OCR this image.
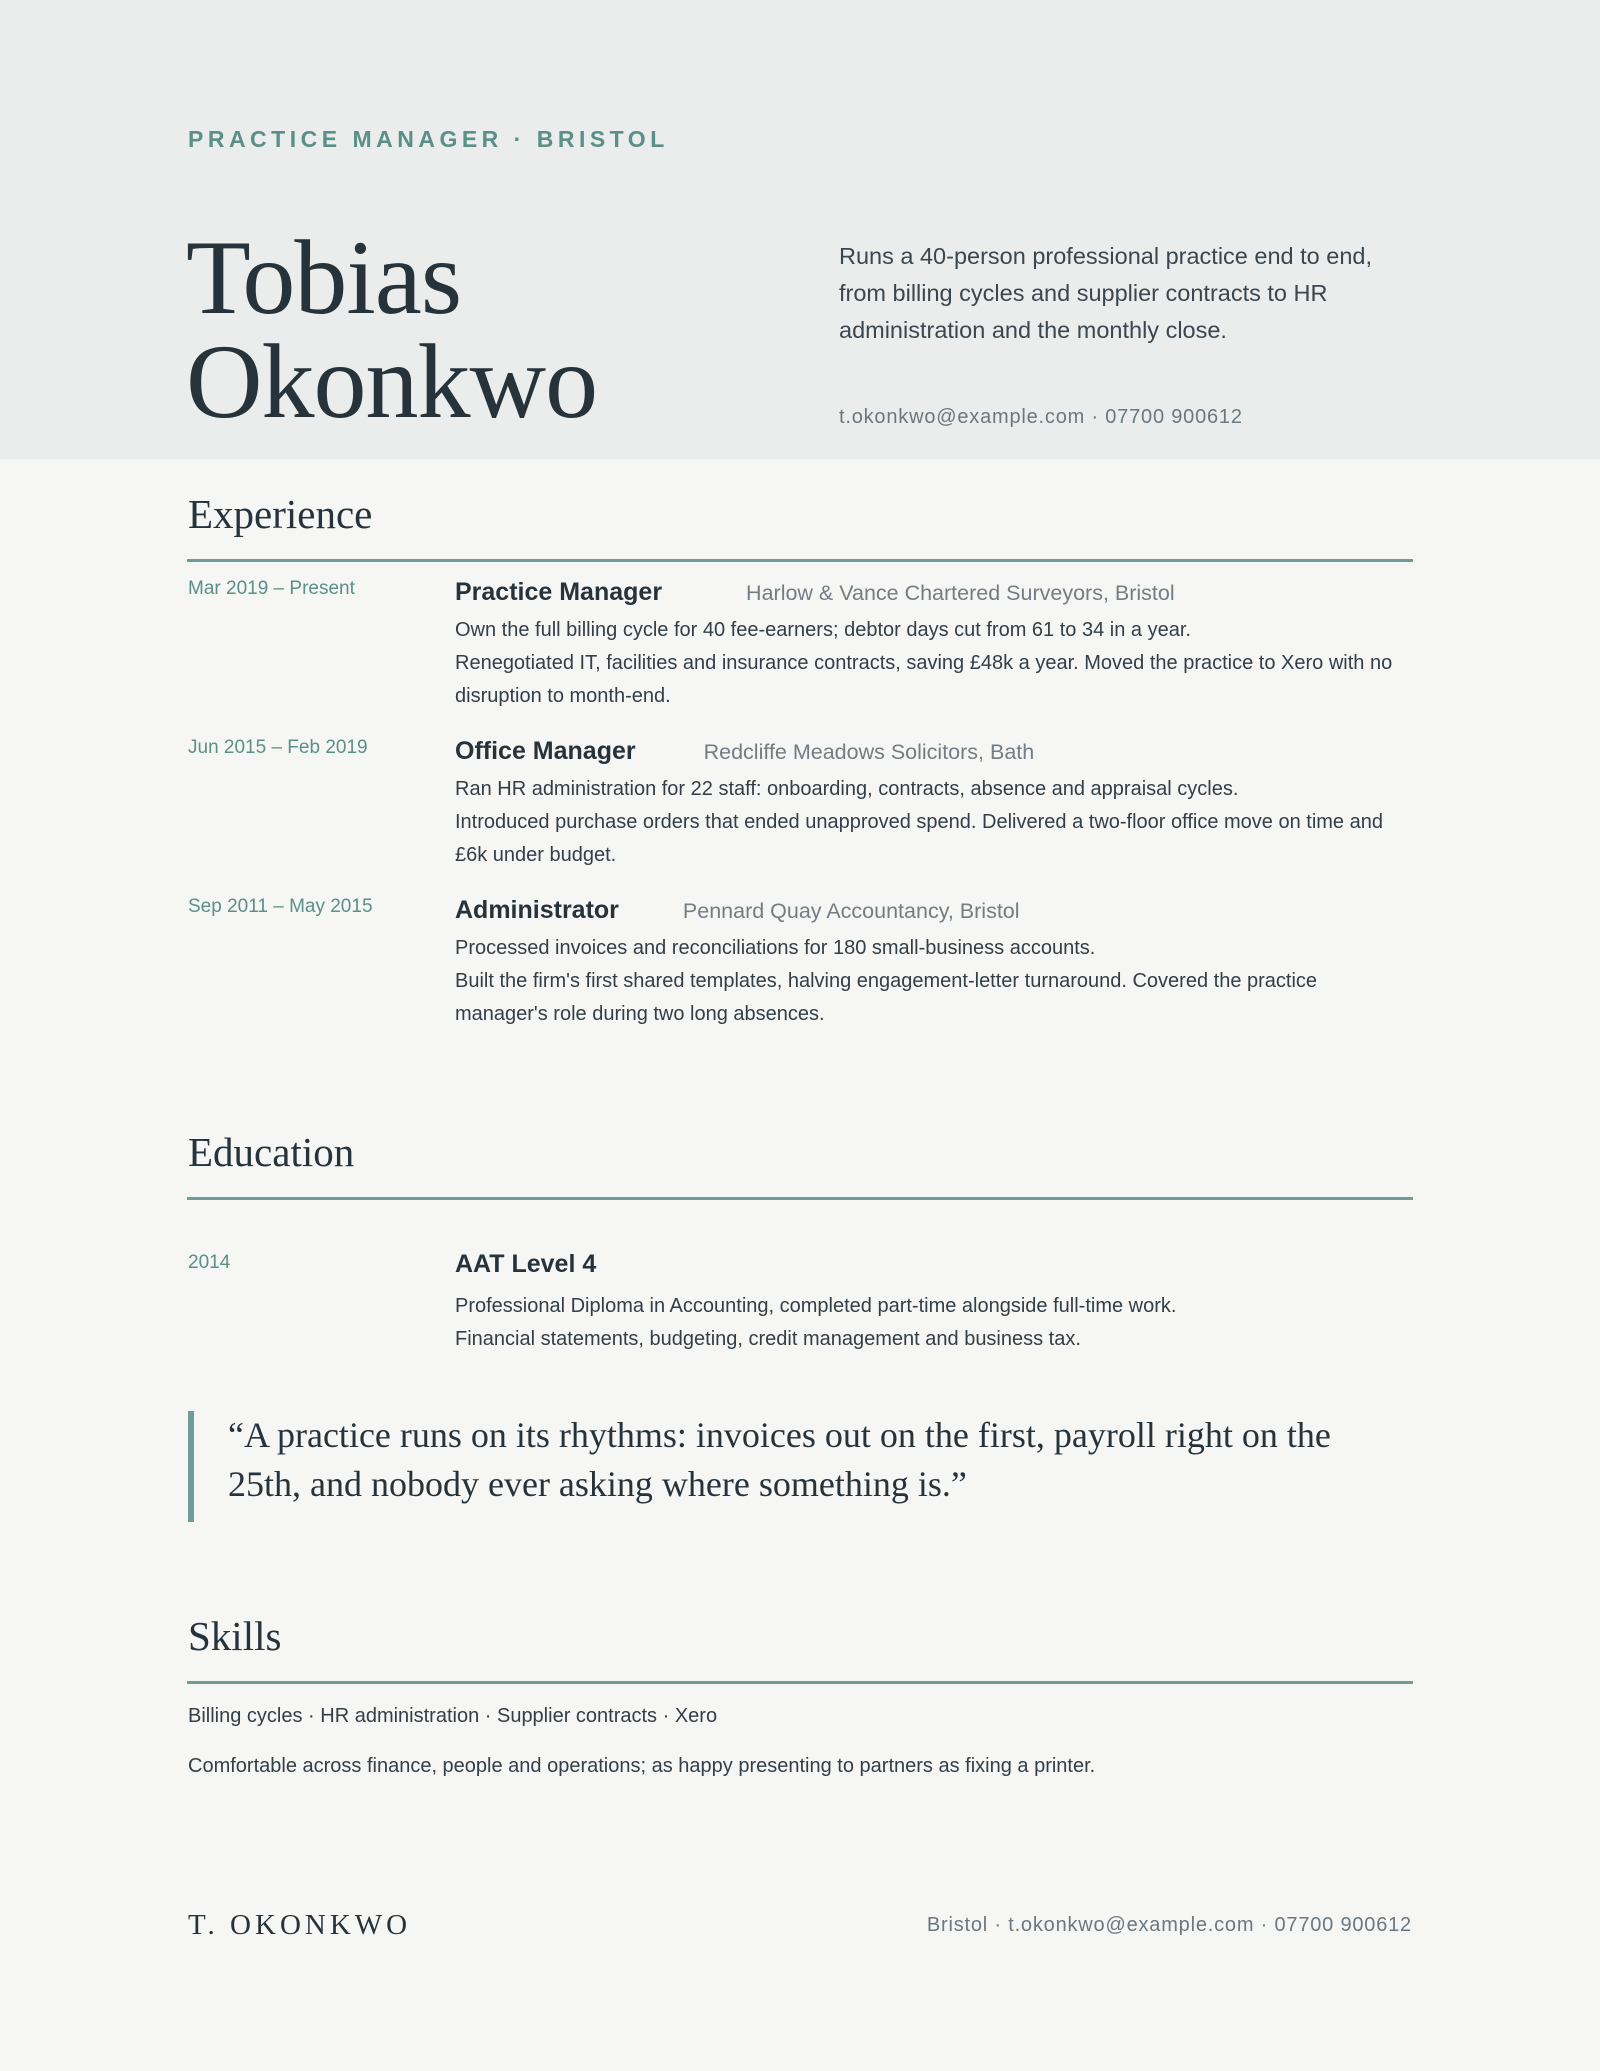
PRACTICE MANAGER · BRISTOL
Tobias
Okonkwo
Runs a 40-person professional practice end to end, from billing cycles and supplier contracts to HR administration and the monthly close.
t.okonkwo@example.com · 07700 900612
Experience
Mar 2019 – Present	Practice Manager	Harlow & Vance Chartered Surveyors, Bristol
Own the full billing cycle for 40 fee-earners; debtor days cut from 61 to 34 in a year.
Renegotiated IT, facilities and insurance contracts, saving £48k a year. Moved the practice to Xero with no disruption to month-end.
Jun 2015 – Feb 2019	Office Manager	Redcliffe Meadows Solicitors, Bath
Ran HR administration for 22 staff: onboarding, contracts, absence and appraisal cycles.
Introduced purchase orders that ended unapproved spend. Delivered a two-floor office move on time and £6k under budget.
Sep 2011 – May 2015	Administrator	Pennard Quay Accountancy, Bristol
Processed invoices and reconciliations for 180 small-business accounts.
Built the firm's first shared templates, halving engagement-letter turnaround. Covered the practice manager's role during two long absences.
Education
2014	AAT Level 4
Professional Diploma in Accounting, completed part-time alongside full-time work.
Financial statements, budgeting, credit management and business tax.
“A practice runs on its rhythms: invoices out on the first, payroll right on the 25th, and nobody ever asking where something is.”
Skills
Billing cycles · HR administration · Supplier contracts · Xero
Comfortable across finance, people and operations; as happy presenting to partners as fixing a printer.
T. OKONKWO	Bristol · t.okonkwo@example.com · 07700 900612
